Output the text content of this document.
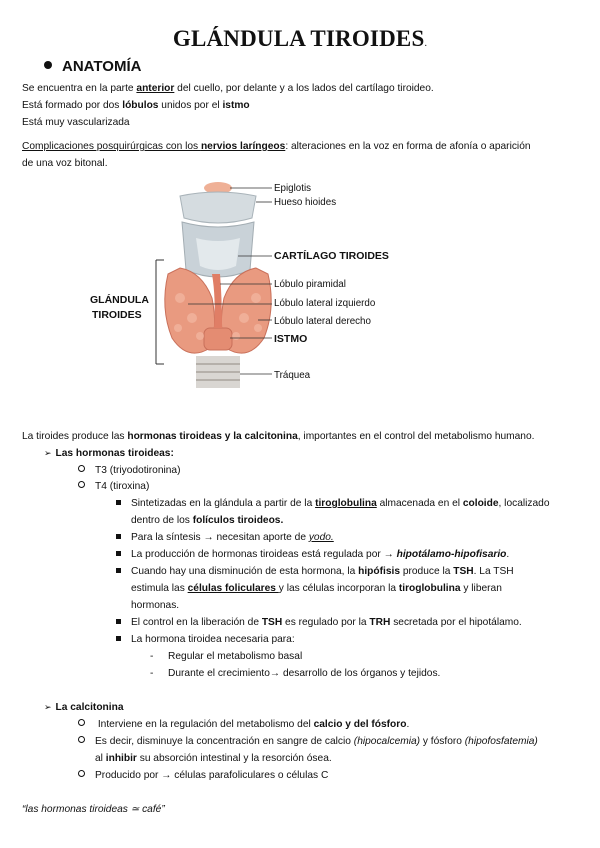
GLÁNDULA TIROIDES.
ANATOMÍA
Se encuentra en la parte anterior del cuello, por delante y a los lados del cartílago tiroideo.
Está formado por dos lóbulos unidos por el istmo
Está muy vascularizada
Complicaciones posquirúrgicas con los nervios laríngeos: alteraciones en la voz en forma de afonía o aparición
de una voz bitonal.
Epiglotis
Hueso hioides
CARTÍLAGO TIROIDES
Lóbulo piramidal
Lóbulo lateral izquierdo
Lóbulo lateral derecho
ISTMO
Tráquea
GLÁNDULA
TIROIDES
La tiroides produce las hormonas tiroideas y la calcitonina, importantes en el control del metabolismo humano.
➢ Las hormonas tiroideas:
T3 (triyodotironina)
T4 (tiroxina)
Sintetizadas en la glándula a partir de la tiroglobulina almacenada en el coloide, localizado
dentro de los folículos tiroideos.
Para la síntesis → necesitan aporte de yodo.
La producción de hormonas tiroideas está regulada por → hipotálamo-hipofisario.
Cuando hay una disminución de esta hormona, la hipófisis produce la TSH. La TSH
estimula las células foliculares y las células incorporan la tiroglobulina y liberan
hormonas.
El control en la liberación de TSH es regulado por la TRH secretada por el hipotálamo.
La hormona tiroidea necesaria para:
- Regular el metabolismo basal
- Durante el crecimiento→ desarrollo de los órganos y tejidos.
➢ La calcitonina
Interviene en la regulación del metabolismo del calcio y del fósforo.
Es decir, disminuye la concentración en sangre de calcio (hipocalcemia) y fósforo (hipofosfatemia)
al inhibir su absorción intestinal y la resorción ósea.
Producido por → células parafoliculares o células C
“las hormonas tiroideas ≃ café”
